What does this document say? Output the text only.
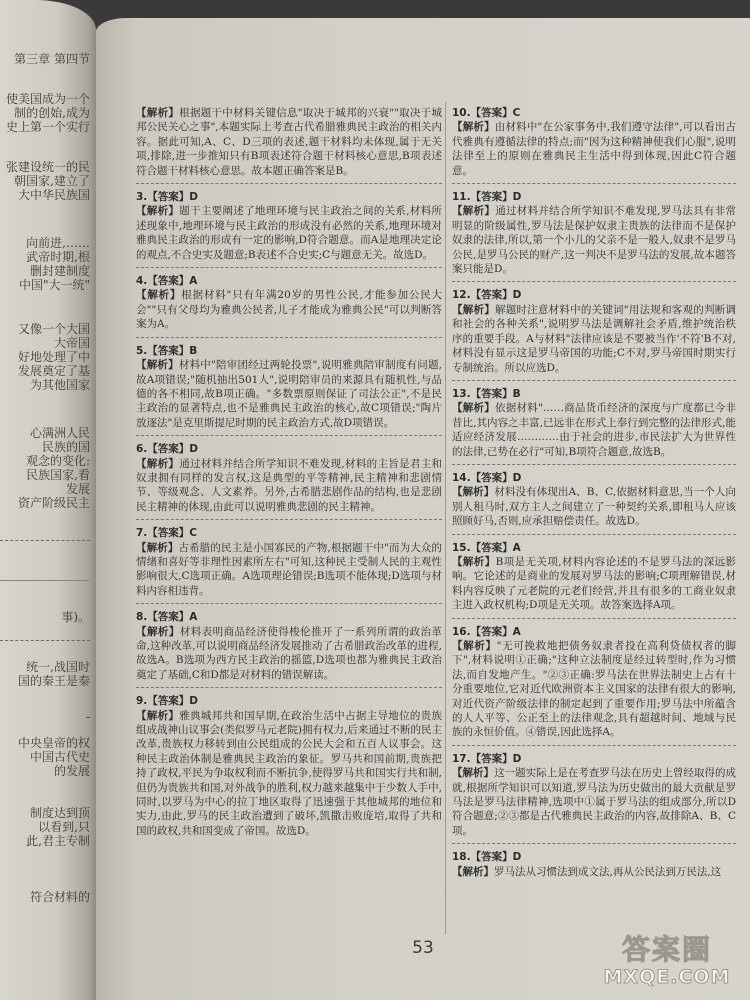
第三章 第四节
使美国成为一个
制的创始,成为
史上第一个实行
张建设统一的民
朝国家,建立了
大中华民族国
向前进,……
武帝时期,根
删封建制度
中国"大一统"
又像一个大国
大帝国
好地处理了中
发展奠定了基
为其他国家
心满洲人民
民族的国
观念的变化:
民族国家,看
发展
资产阶级民主
事)。
统一,战国时
国的秦王是秦
-
中央皇帝的权
中国古代史
的发展
制度达到顶
以看到,只
此,君主专制
符合材料的
【解析】根据题干中材料关键信息"取决于城邦的兴衰""取决于城邦公民关心之事",本题实际上考查古代希腊雅典民主政治的相关内容。据此可知,A、C、D三项的表述,题干材料均未体现,属于无关项,排除,进一步推知只有B项表述符合题干材料核心意思,B项表述符合题干材料核心意思。故本题正确答案是B。
3.【答案】D
【解析】题干主要阐述了地理环境与民主政治之间的关系,材料所述现象中,地理环境与民主政治的形成没有必然的关系,地理环境对雅典民主政治的形成有一定的影响,D符合题意。而A是地理决定论的观点,不合史实及题意;B表述不合史实;C与题意无关。故选D。
4.【答案】A
【解析】根据材料"只有年满20岁的男性公民,才能参加公民大会""只有父母均为雅典公民者,儿子才能成为雅典公民"可以判断答案为A。
5.【答案】B
【解析】材料中"陪审团经过两轮投票",说明雅典陪审制度有问题,故A项错误;"随机抽出501人",说明陪审员的来源具有随机性,与品德的各不相同,故B项正确。"多数票原则保证了司法公正",不是民主政治的显著特点,也不是雅典民主政治的核心,故C项错误;"陶片放逐法"是克里斯提尼时期的民主政治方式,故D项错误。
6.【答案】D
【解析】通过材料并结合所学知识不难发现,材料的主旨是君主和奴隶拥有同样的发言权,这是典型的平等精神,民主精神和悲剧情节、等级观念、人文素养。另外,古希腊悲剧作品的结构,也是悲剧民主精神的体现,由此可以说明雅典悲剧的民主精神。
7.【答案】C
【解析】古希腊的民主是小国寡民的产物,根据题干中"而为大众的情绪和喜好等非理性因素所左右"可知,这种民主受制人民的主观性影响很大,C选项正确。A选项理论错误;B选项不能体现;D选项与材料内容相违背。
8.【答案】A
【解析】材料表明商品经济使得梭伦推开了一系列所谓的政治革命,这种改革,可以说明商品经济发展推动了古希腊政治改革的进程,故选A。B选项为西方民主政治的摇篮,D选项也都为雅典民主政治奠定了基础,C和D都是对材料的错误解读。
9.【答案】D
【解析】雅典城邦共和国早期,在政治生活中占据主导地位的贵族组成战神山议事会(类似罗马元老院)拥有权力,后来通过不断的民主改革,贵族权力移转到由公民组成的公民大会和五百人议事会。这种民主政治体制是雅典民主政治的象征。罗马共和国前期,贵族把持了政权,平民为争取权利而不断抗争,使得罗马共和国实行共和制,但仍为贵族共和国,对外战争的胜利,权力越来越集中于少数人手中,同时,以罗马为中心的拉丁地区取得了迅速强于其他城邦的地位和实力,由此,罗马的民主政治遭到了破坏,凯撒击败庞培,取得了共和国的政权,共和国变成了帝国。故选D。
10.【答案】C
【解析】由材料中"在公家事务中,我们遵守法律",可以看出古代雅典有遵循法律的特点;而"因为这种精神使我们心服",说明法律至上的原则在雅典民主生活中得到体现,因此C符合题意。
11.【答案】D
【解析】通过材料并结合所学知识不难发现,罗马法具有非常明显的阶级属性,罗马法是保护奴隶主贵族的法律而不是保护奴隶的法律,所以,第一个小儿的父亲不是一般人,奴隶不是罗马公民,是罗马公民的财产,这一判决不是罗马法的发展,故本题答案只能是D。
12.【答案】D
【解析】解题时注意材料中的关键词"用法规和客观的判断调和社会的各种关系",说明罗马法是调解社会矛盾,维护统治秩序的重要手段。A与材料"法律应该是不要被当作'不符'B不对,材料没有显示这是罗马帝国的功能;C不对,罗马帝国时期实行专制统治。所以应选D。
13.【答案】B
【解析】依据材料"……商品货币经济的深度与广度都已今非昔比,其内容之丰富,已远非在形式上奉行到完整的法律形式,能适应经济发展…………由于社会的进步,市民法扩大为世界性的法律,已势在必行"可知,B项符合题意,故选B。
14.【答案】D
【解析】材料没有体现出A、B、C,依据材料意思,当一个人向别人租马时,双方主人之间建立了一种契约关系,即租马人应该照顾好马,否则,应承担赔偿责任。故选D。
15.【答案】A
【解析】B项是无关项,材料内容论述的不是罗马法的深远影响。它论述的是商业的发展对罗马法的影响;C项理解错误,材料内容反映了元老院的元老们经营,并且有很多的工商业奴隶主进入政权机构;D项是无关项。故答案选择A项。
16.【答案】A
【解析】"无可挽救地把债务奴隶者投在高利贷债权者的脚下",材料说明①正确;"这种立法制度是经过转型时,作为习惯法,而自发地产生。"②③正确:罗马法在世界法制史上占有十分重要地位,它对近代欧洲资本主义国家的法律有很大的影响,对近代资产阶级法律的制定起到了重要作用;罗马法中所蕴含的人人平等、公正至上的法律观念,具有超越时间、地域与民族的永恒价值。④错误,因此选择A。
17.【答案】D
【解析】这一题实际上是在考查罗马法在历史上曾经取得的成就,根据所学知识可以知道,罗马法为历史做出的最大贡献是罗马法是罗马法律精神,选项中①属于罗马法的组成部分,所以D符合题意;②③都是古代雅典民主政治的内容,故排除A、B、C项。
18.【答案】D
【解析】罗马法从习惯法到成文法,再从公民法到万民法,这
53	答案圈
MXQE.COM
